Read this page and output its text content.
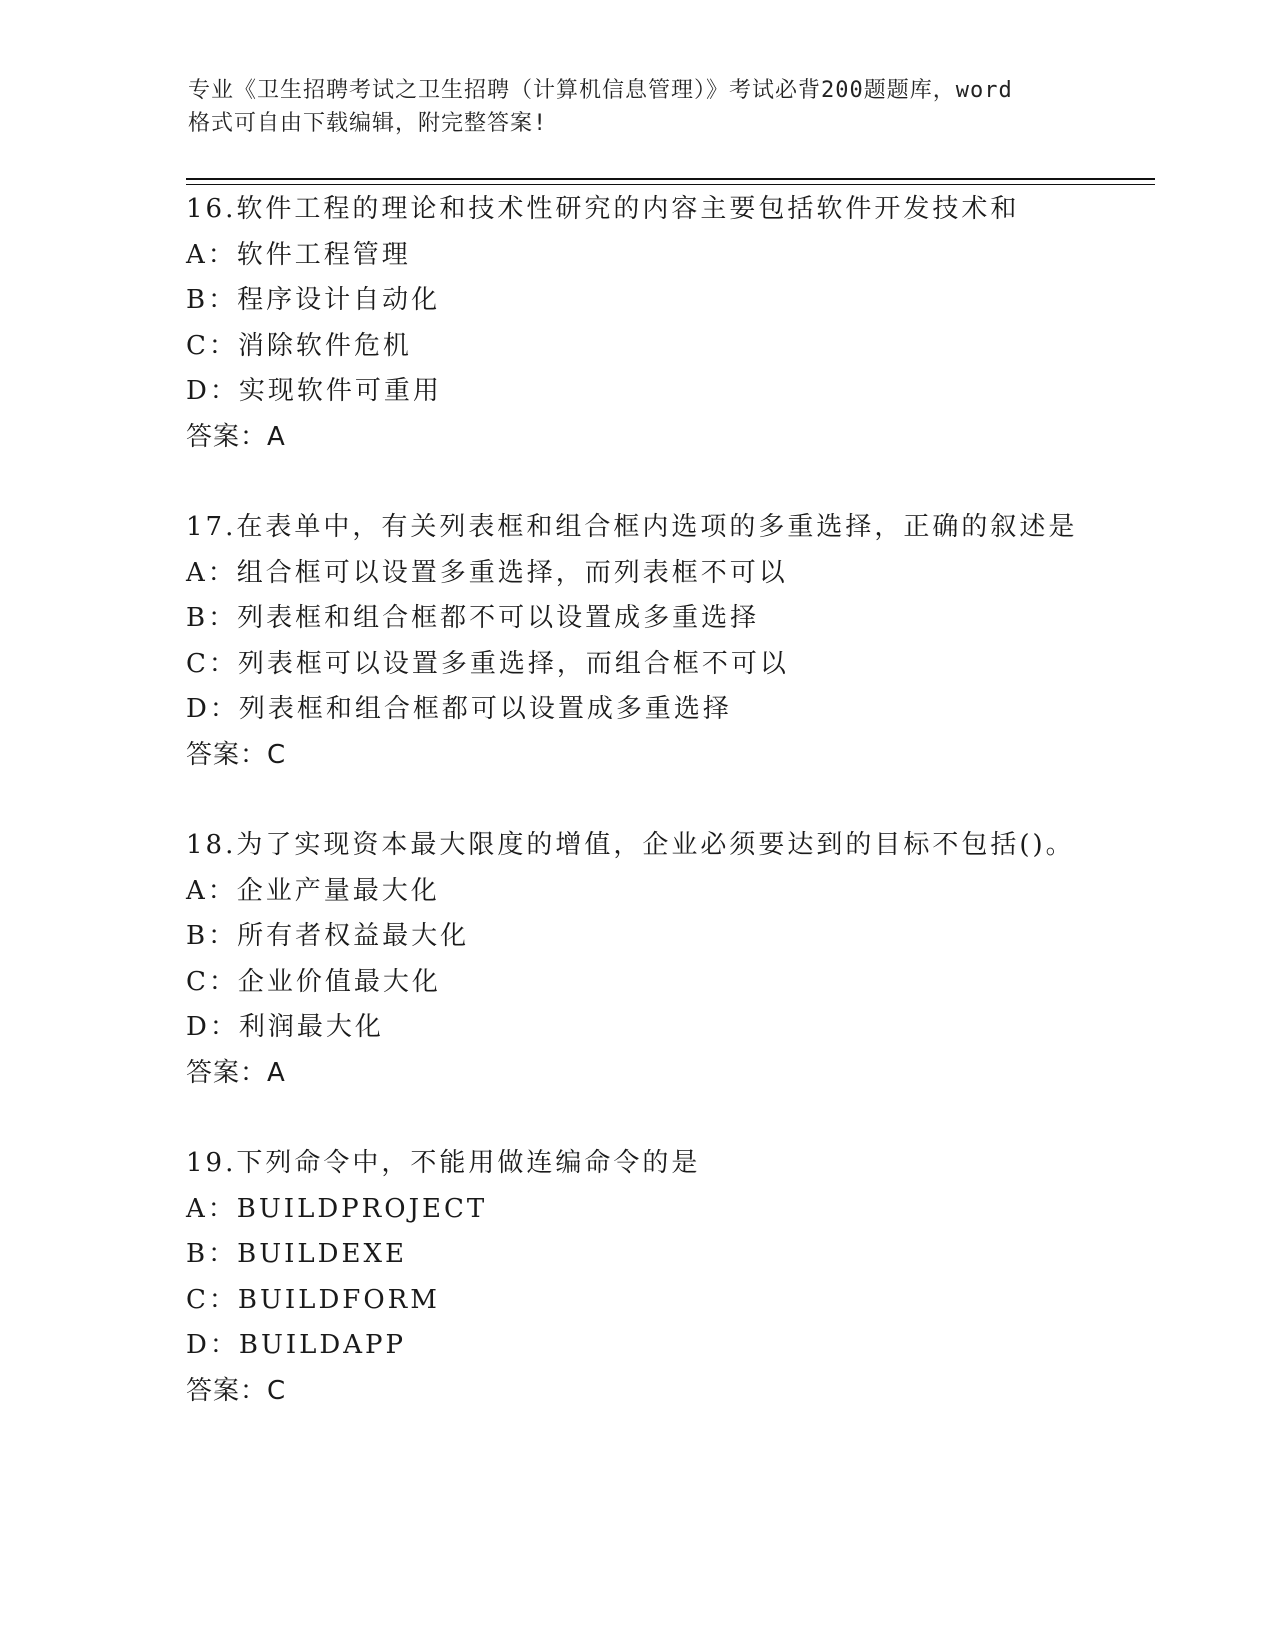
专业《卫生招聘考试之卫生招聘（计算机信息管理）》考试必背200题题库，word
格式可自由下载编辑，附完整答案!
16.软件工程的理论和技术性研究的内容主要包括软件开发技术和
A：软件工程管理
B：程序设计自动化
C：消除软件危机
D：实现软件可重用
答案：A
17.在表单中，有关列表框和组合框内选项的多重选择，正确的叙述是
A：组合框可以设置多重选择，而列表框不可以
B：列表框和组合框都不可以设置成多重选择
C：列表框可以设置多重选择，而组合框不可以
D：列表框和组合框都可以设置成多重选择
答案：C
18.为了实现资本最大限度的增值，企业必须要达到的目标不包括()。
A：企业产量最大化
B：所有者权益最大化
C：企业价值最大化
D：利润最大化
答案：A
19.下列命令中，不能用做连编命令的是
A：BUILDPROJECT
B：BUILDEXE
C：BUILDFORM
D：BUILDAPP
答案：C
